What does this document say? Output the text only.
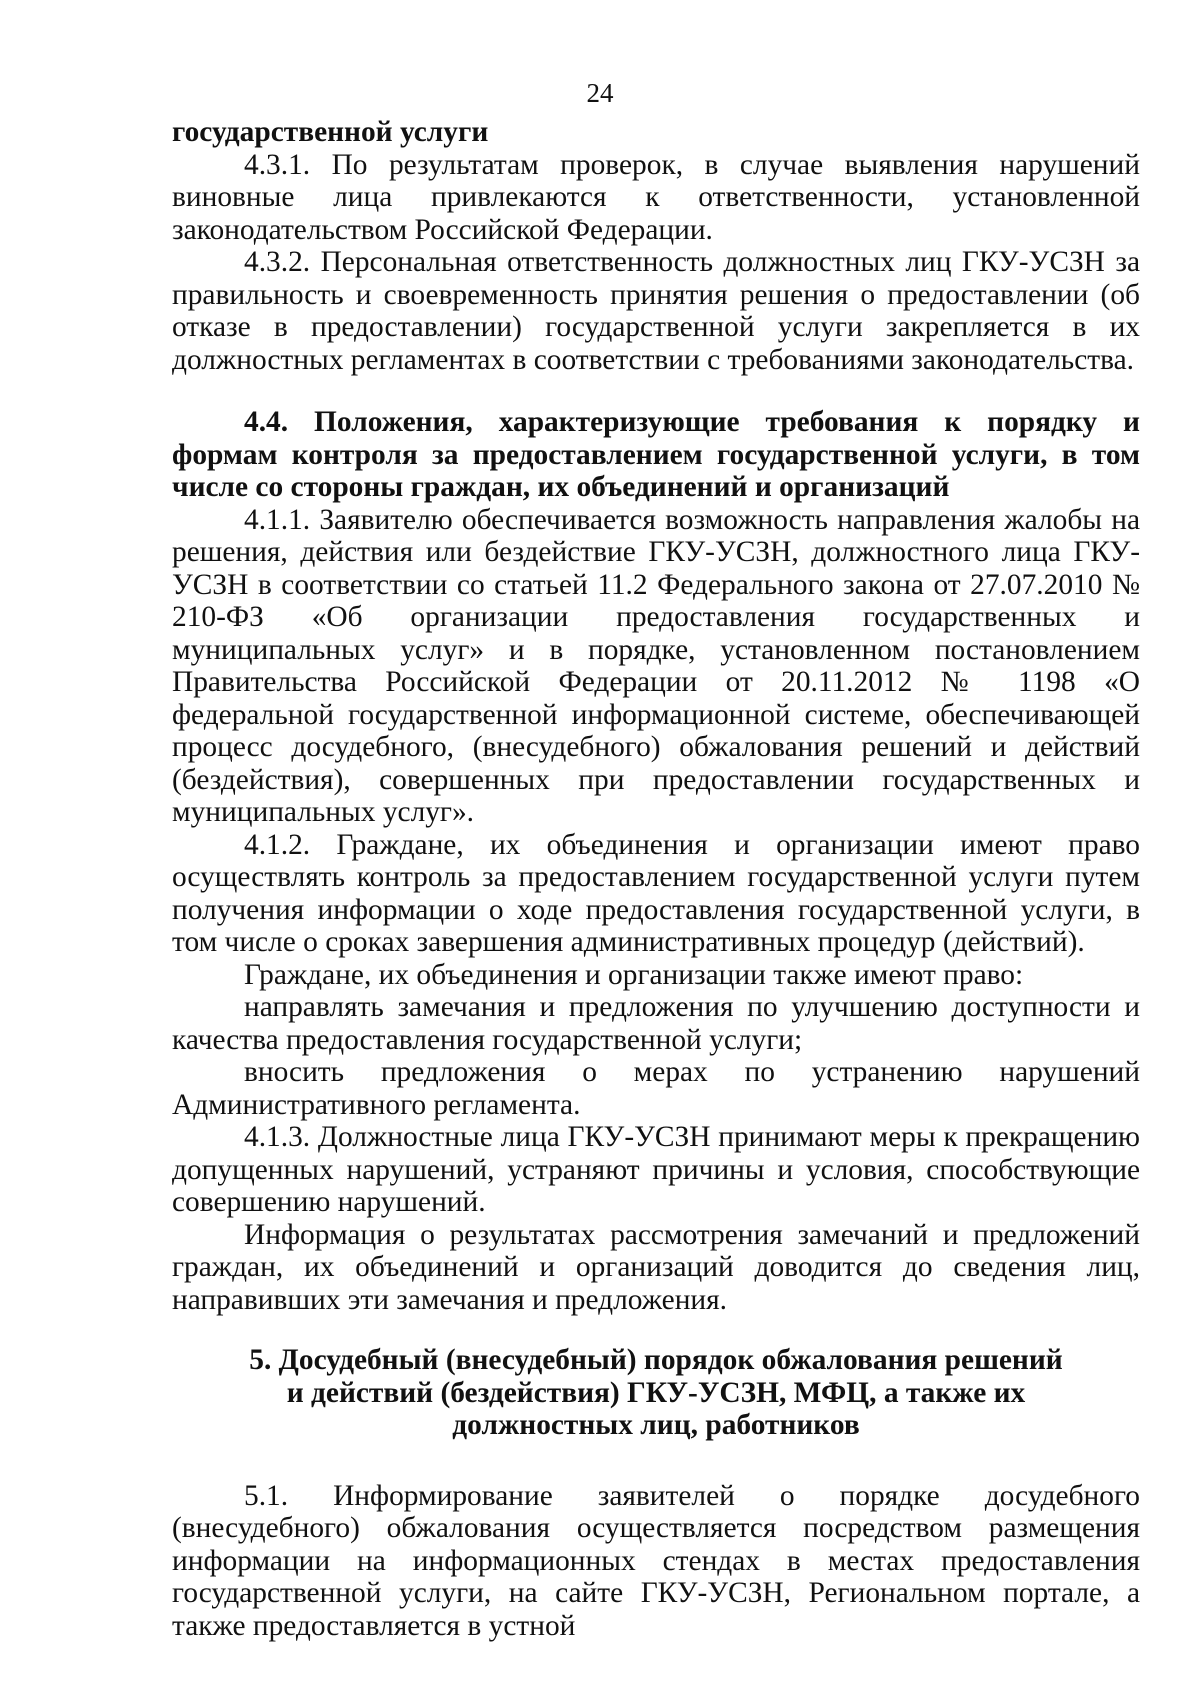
24

государственной услуги

4.3.1. По результатам проверок, в случае выявления нарушений виновные лица привлекаются к ответственности, установленной законодательством Российской Федерации.

4.3.2. Персональная ответственность должностных лиц ГКУ-УСЗН за правильность и своевременность принятия решения о предоставлении (об отказе в предоставлении) государственной услуги закрепляется в их должностных регламентах в соответствии с требованиями законодательства.

4.4. Положения, характеризующие требования к порядку и формам контроля за предоставлением государственной услуги, в том числе со стороны граждан, их объединений и организаций

4.1.1. Заявителю обеспечивается возможность направления жалобы на решения, действия или бездействие ГКУ-УСЗН, должностного лица ГКУ-УСЗН в соответствии со статьей 11.2 Федерального закона от 27.07.2010 № 210-ФЗ «Об организации предоставления государственных и муниципальных услуг» и в порядке, установленном постановлением Правительства Российской Федерации от 20.11.2012 № 1198 «О федеральной государственной информационной системе, обеспечивающей процесс досудебного, (внесудебного) обжалования решений и действий (бездействия), совершенных при предоставлении государственных и муниципальных услуг».

4.1.2. Граждане, их объединения и организации имеют право осуществлять контроль за предоставлением государственной услуги путем получения информации о ходе предоставления государственной услуги, в том числе о сроках завершения административных процедур (действий).

Граждане, их объединения и организации также имеют право:

направлять замечания и предложения по улучшению доступности и качества предоставления государственной услуги;

вносить предложения о мерах по устранению нарушений Административного регламента.

4.1.3. Должностные лица ГКУ-УСЗН принимают меры к прекращению допущенных нарушений, устраняют причины и условия, способствующие совершению нарушений.

Информация о результатах рассмотрения замечаний и предложений граждан, их объединений и организаций доводится до сведения лиц, направивших эти замечания и предложения.

5. Досудебный (внесудебный) порядок обжалования решений
и действий (бездействия) ГКУ-УСЗН, МФЦ, а также их
должностных лиц, работников

5.1. Информирование заявителей о порядке досудебного (внесудебного) обжалования осуществляется посредством размещения информации на информационных стендах в местах предоставления государственной услуги, на сайте ГКУ-УСЗН, Региональном портале, а также предоставляется в устной
